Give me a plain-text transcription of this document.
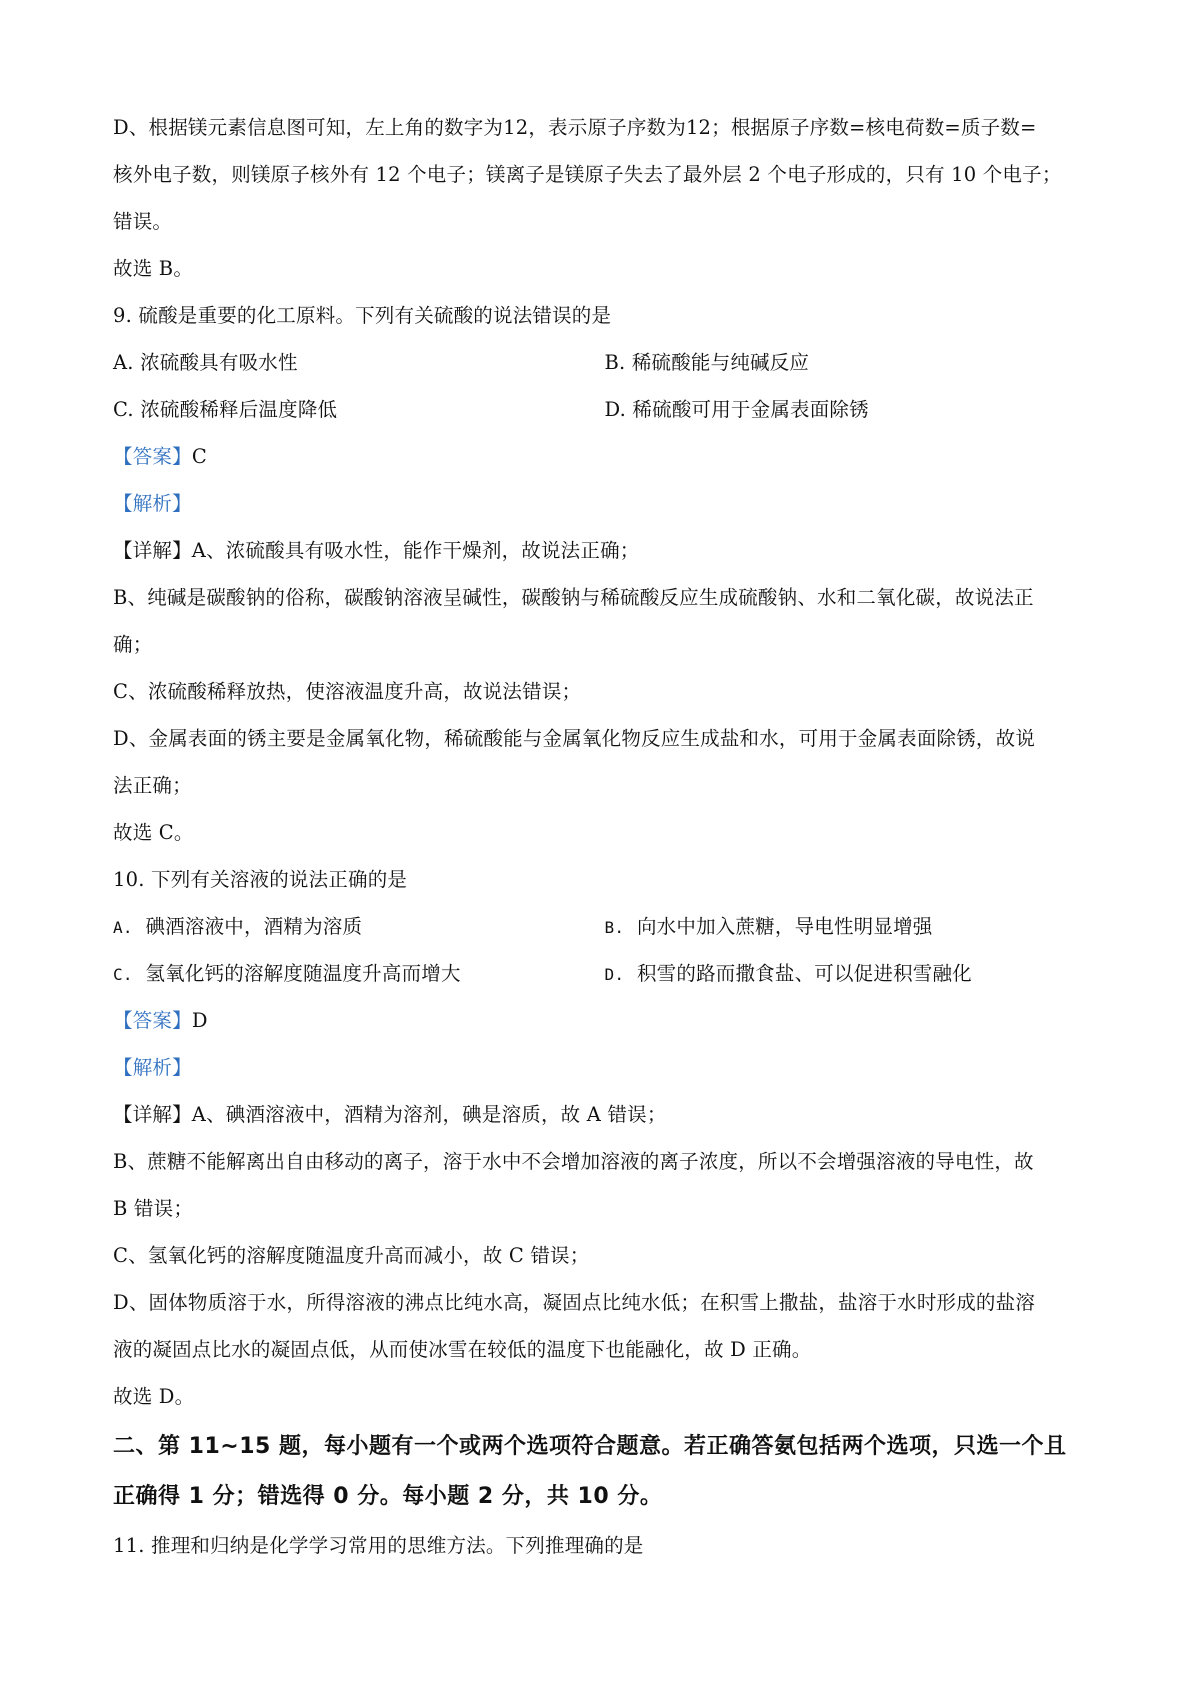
D、根据镁元素信息图可知，左上角的数字为12，表示原子序数为12；根据原子序数=核电荷数=质子数=
核外电子数，则镁原子核外有 12 个电子；镁离子是镁原子失去了最外层 2 个电子形成的，只有 10 个电子；
错误。
故选 B。
9. 硫酸是重要的化工原料。下列有关硫酸的说法错误的是
A. 浓硫酸具有吸水性	B. 稀硫酸能与纯碱反应
C. 浓硫酸稀释后温度降低	D. 稀硫酸可用于金属表面除锈
【答案】C
【解析】
【详解】A、浓硫酸具有吸水性，能作干燥剂，故说法正确；
B、纯碱是碳酸钠的俗称，碳酸钠溶液呈碱性，碳酸钠与稀硫酸反应生成硫酸钠、水和二氧化碳，故说法正
确；
C、浓硫酸稀释放热，使溶液温度升高，故说法错误；
D、金属表面的锈主要是金属氧化物，稀硫酸能与金属氧化物反应生成盐和水，可用于金属表面除锈，故说
法正确；
故选 C。
10. 下列有关溶液的说法正确的是
A. 碘酒溶液中，酒精为溶质	B. 向水中加入蔗糖，导电性明显增强
C. 氢氧化钙的溶解度随温度升高而增大	D. 积雪的路而撒食盐、可以促进积雪融化
【答案】D
【解析】
【详解】A、碘酒溶液中，酒精为溶剂，碘是溶质，故 A 错误；
B、蔗糖不能解离出自由移动的离子，溶于水中不会增加溶液的离子浓度，所以不会增强溶液的导电性，故
B 错误；
C、氢氧化钙的溶解度随温度升高而减小，故 C 错误；
D、固体物质溶于水，所得溶液的沸点比纯水高，凝固点比纯水低；在积雪上撒盐，盐溶于水时形成的盐溶
液的凝固点比水的凝固点低，从而使冰雪在较低的温度下也能融化，故 D 正确。
故选 D。
二、第 11~15 题，每小题有一个或两个选项符合题意。若正确答氨包括两个选项，只选一个且
正确得 1 分；错选得 0 分。每小题 2 分，共 10 分。
11. 推理和归纳是化学学习常用的思维方法。下列推理确的是
